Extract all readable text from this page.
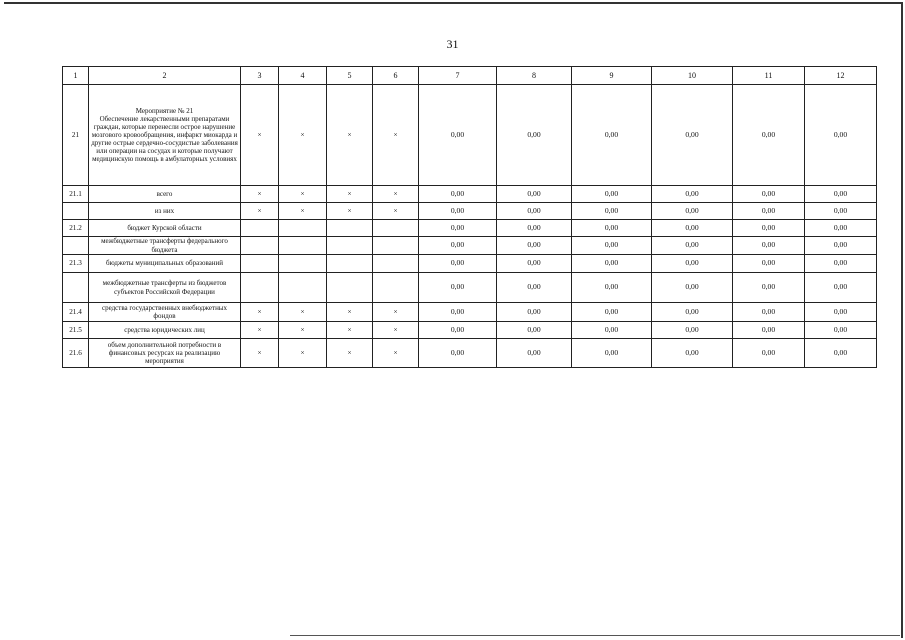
31
1	2	3	4	5	6	7	8	9	10	11	12
21	Мероприятие № 21
Обеспечение лекарственными препаратами граждан, которые перенесли острое нарушение мозгового кровообращения, инфаркт миокарда и другие острые сердечно-сосудистые заболевания или операции на сосудах и которые получают медицинскую помощь в амбулаторных условиях	×	×	×	×	0,00	0,00	0,00	0,00	0,00	0,00
21.1	всего	×	×	×	×	0,00	0,00	0,00	0,00	0,00	0,00
	из них	×	×	×	×	0,00	0,00	0,00	0,00	0,00	0,00
21.2	бюджет Курской области					0,00	0,00	0,00	0,00	0,00	0,00
	межбюджетные трансферты федерального бюджета					0,00	0,00	0,00	0,00	0,00	0,00
21.3	бюджеты муниципальных образований					0,00	0,00	0,00	0,00	0,00	0,00
	межбюджетные трансферты из бюджетов субъектов Российской Федерации					0,00	0,00	0,00	0,00	0,00	0,00
21.4	средства государственных внебюджетных фондов	×	×	×	×	0,00	0,00	0,00	0,00	0,00	0,00
21.5	средства юридических лиц	×	×	×	×	0,00	0,00	0,00	0,00	0,00	0,00
21.6	объем дополнительной потребности в финансовых ресурсах на реализацию мероприятия	×	×	×	×	0,00	0,00	0,00	0,00	0,00	0,00
